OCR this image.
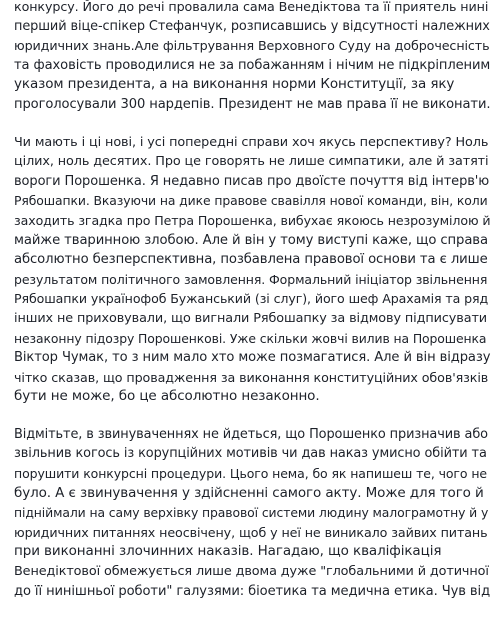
конкурсу. Його до речі провалила сама Венедіктова та її приятель нині
перший віце-спікер Стефанчук, розписавшись у відсутності належних
юридичних знань.Але фільтрування Верховного Суду на доброчесність
та фаховість проводилися не за побажанням і нічим не підкріпленим
указом президента, а на виконання норми Конституції, за яку
проголосували 300 нардепів. Президент не мав права її не виконати.

Чи мають і ці нові, і усі попередні справи хоч якусь перспективу? Ноль
цілих, ноль десятих. Про це говорять не лише симпатики, але й затяті
вороги Порошенка. Я недавно писав про двоїсте почуття від інтерв'ю
Рябошапки. Вказуючи на дике правове свавілля нової команди, він, коли
заходить згадка про Петра Порошенка, вибухає якоюсь незрозумілою й
майже тваринною злобою. Але й він у тому виступі каже, що справа
абсолютно безперспективна, позбавлена правової основи та є лише
результатом політичного замовлення. Формальний ініціатор звільнення
Рябошапки українофоб Бужанський (зі слуг), його шеф Арахамія та ряд
інших не приховували, що вигнали Рябошапку за відмову підписувати
незаконну підозру Порошенкові. Уже скільки жовчі вилив на Порошенка
Віктор Чумак, то з ним мало хто може позмагатися. Але й він відразу
чітко сказав, що провадження за виконання конституційних обов'язків
бути не може, бо це абсолютно незаконно.

Відмітьте, в звинуваченнях не йдеться, що Порошенко призначив або
звільнив когось із корупційних мотивів чи дав наказ умисно обійти та
порушити конкурсні процедури. Цього нема, бо як напишеш те, чого не
було. А є звинувачення у здійсненні самого акту. Може для того й
підніймали на саму верхівку правової системи людину малограмотну й у
юридичних питаннях неосвічену, щоб у неї не виникало зайвих питань
при виконанні злочинних наказів. Нагадаю, що кваліфікація
Венедіктової обмежується лише двома дуже "глобальними й дотичної
до її нинішньої роботи" галузями: біоетика та медична етика. Чув від
